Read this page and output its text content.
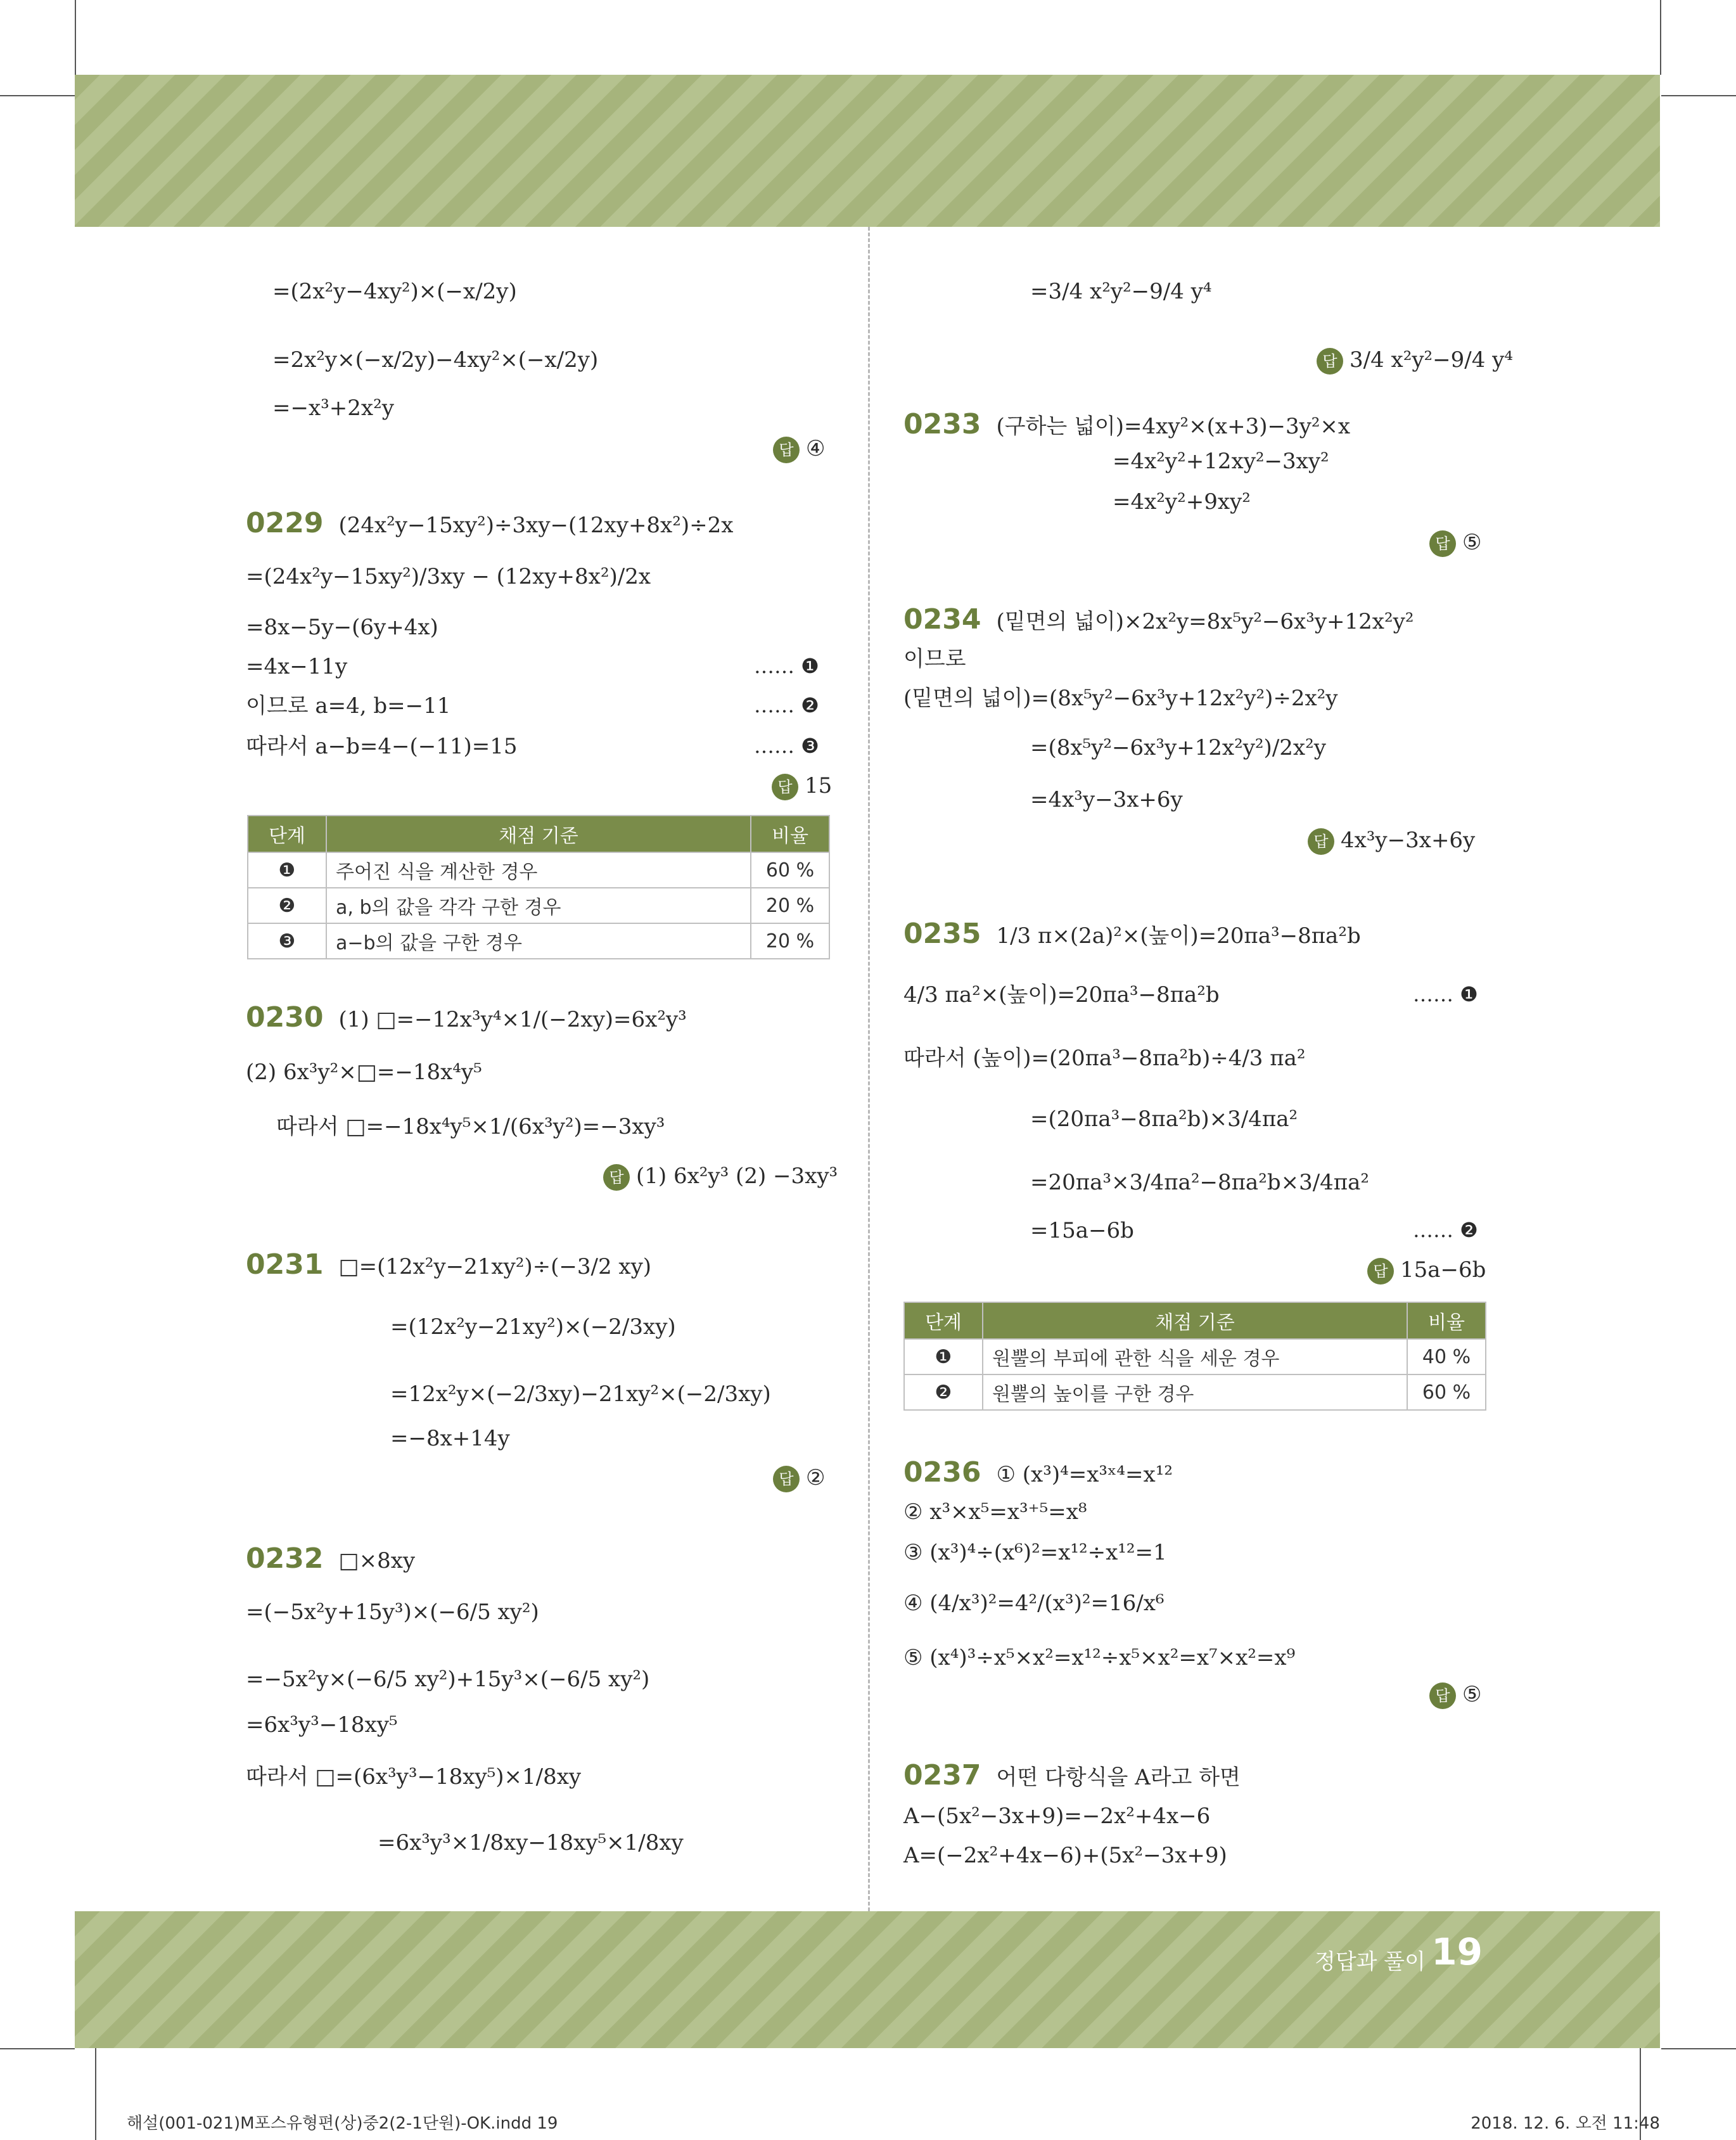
정답과 풀이 19
=(2x²y−4xy²)×(−x/2y)
=2x²y×(−x/2y)−4xy²×(−x/2y)
=−x³+2x²y
답 ④
0229 (24x²y−15xy²)÷3xy−(12xy+8x²)÷2x
=(24x²y−15xy²)/3xy − (12xy+8x²)/2x
=8x−5y−(6y+4x)
=4x−11y
이므로 a=4, b=−11
따라서 a−b=4−(−11)=15
…… ❶
…… ❷
…… ❸
답 15
단계	채점 기준	비율
❶	주어진 식을 계산한 경우	60 %
❷	a, b의 값을 각각 구한 경우	20 %
❸	a−b의 값을 구한 경우	20 %
0230 (1) □=−12x³y⁴×1/(−2xy)=6x²y³
(2) 6x³y²×□=−18x⁴y⁵
따라서 □=−18x⁴y⁵×1/(6x³y²)=−3xy³
답 (1) 6x²y³ (2) −3xy³
0231 □=(12x²y−21xy²)÷(−3/2 xy)
=(12x²y−21xy²)×(−2/3xy)
=12x²y×(−2/3xy)−21xy²×(−2/3xy)
=−8x+14y
답 ②
0232 □×8xy
=(−5x²y+15y³)×(−6/5 xy²)
=−5x²y×(−6/5 xy²)+15y³×(−6/5 xy²)
=6x³y³−18xy⁵
따라서 □=(6x³y³−18xy⁵)×1/8xy
=6x³y³×1/8xy−18xy⁵×1/8xy
=3/4 x²y²−9/4 y⁴
답 3/4 x²y²−9/4 y⁴
0233 (구하는 넓이)=4xy²×(x+3)−3y²×x
=4x²y²+12xy²−3xy²
=4x²y²+9xy²
답 ⑤
0234 (밑면의 넓이)×2x²y=8x⁵y²−6x³y+12x²y²
이므로
(밑면의 넓이)=(8x⁵y²−6x³y+12x²y²)÷2x²y
=(8x⁵y²−6x³y+12x²y²)/2x²y
=4x³y−3x+6y
답 4x³y−3x+6y
0235 1/3 π×(2a)²×(높이)=20πa³−8πa²b
4/3 πa²×(높이)=20πa³−8πa²b
따라서 (높이)=(20πa³−8πa²b)÷4/3 πa²
=(20πa³−8πa²b)×3/4πa²
=20πa³×3/4πa²−8πa²b×3/4πa²
=15a−6b
…… ❶
…… ❷
답 15a−6b
단계	채점 기준	비율
❶	원뿔의 부피에 관한 식을 세운 경우	40 %
❷	원뿔의 높이를 구한 경우	60 %
0236 ① (x³)⁴=x³ˣ⁴=x¹²
② x³×x⁵=x³⁺⁵=x⁸
③ (x³)⁴÷(x⁶)²=x¹²÷x¹²=1
④ (4/x³)²=4²/(x³)²=16/x⁶
⑤ (x⁴)³÷x⁵×x²=x¹²÷x⁵×x²=x⁷×x²=x⁹
답 ⑤
0237 어떤 다항식을 A라고 하면
A−(5x²−3x+9)=−2x²+4x−6
A=(−2x²+4x−6)+(5x²−3x+9)
해설(001-021)M포스유형편(상)중2(2-1단원)-OK.indd 19	2018. 12. 6. 오전 11:48
